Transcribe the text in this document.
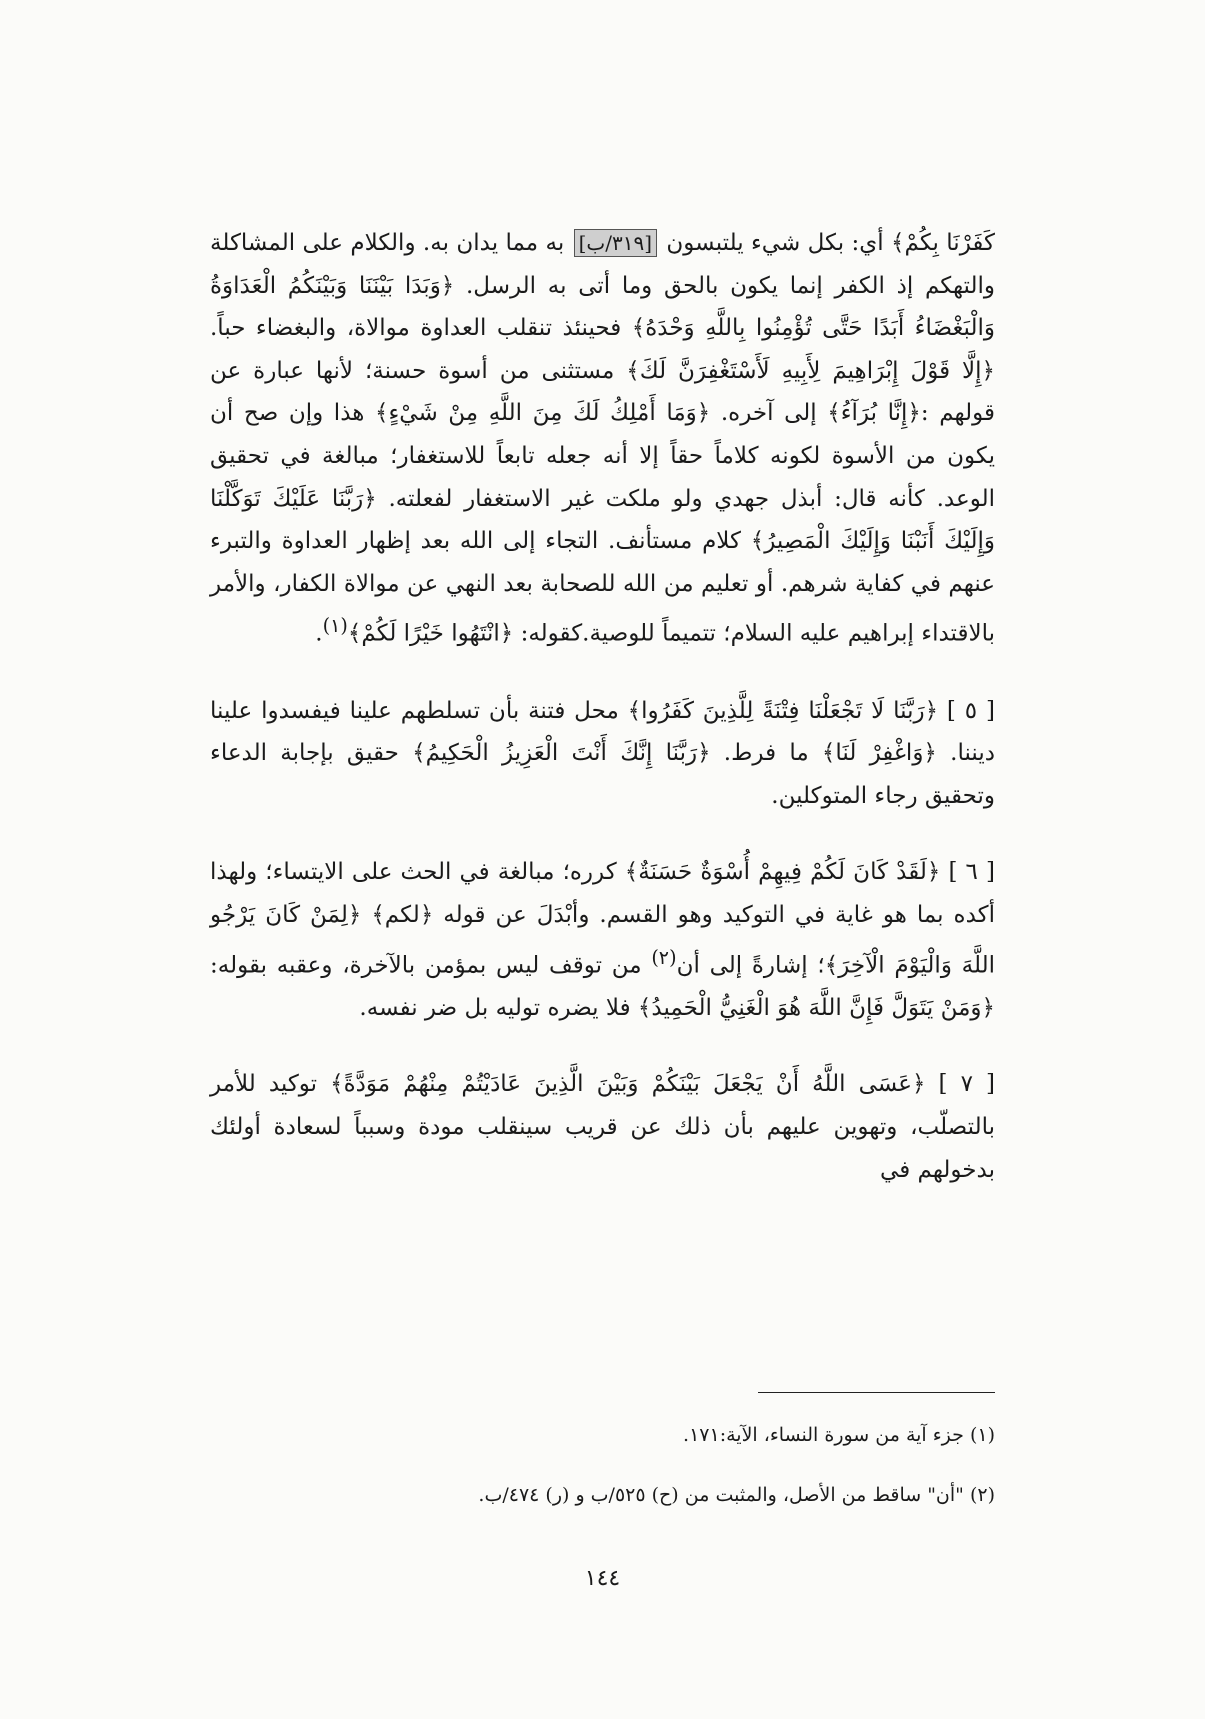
كَفَرْنَا بِكُمْ﴾ أي: بكل شيء يلتبسون [٣١٩/ب] به مما يدان به. والكلام على المشاكلة والتهكم إذ الكفر إنما يكون بالحق وما أتى به الرسل. ﴿وَبَدَا بَيْنَنَا وَبَيْنَكُمُ الْعَدَاوَةُ وَالْبَغْضَاءُ أَبَدًا حَتَّى تُؤْمِنُوا بِاللَّهِ وَحْدَهُ﴾ فحينئذ تنقلب العداوة موالاة، والبغضاء حباً. ﴿إِلَّا قَوْلَ إِبْرَاهِيمَ لِأَبِيهِ لَأَسْتَغْفِرَنَّ لَكَ﴾ مستثنى من أسوة حسنة؛ لأنها عبارة عن قولهم :﴿إِنَّا بُرَآءُ﴾ إلى آخره. ﴿وَمَا أَمْلِكُ لَكَ مِنَ اللَّهِ مِنْ شَيْءٍ﴾ هذا وإن صح أن يكون من الأسوة لكونه كلاماً حقاً إلا أنه جعله تابعاً للاستغفار؛ مبالغة في تحقيق الوعد. كأنه قال: أبذل جهدي ولو ملكت غير الاستغفار لفعلته. ﴿رَبَّنَا عَلَيْكَ تَوَكَّلْنَا وَإِلَيْكَ أَنَبْنَا وَإِلَيْكَ الْمَصِيرُ﴾ كلام مستأنف. التجاء إلى الله بعد إظهار العداوة والتبرء عنهم في كفاية شرهم. أو تعليم من الله للصحابة بعد النهي عن موالاة الكفار، والأمر بالاقتداء إبراهيم عليه السلام؛ تتميماً للوصية.كقوله: ﴿انْتَهُوا خَيْرًا لَكُمْ﴾$^{(١)}$.

[ ٥ ] ﴿رَبَّنَا لَا تَجْعَلْنَا فِتْنَةً لِلَّذِينَ كَفَرُوا﴾ محل فتنة بأن تسلطهم علينا فيفسدوا علينا ديننا. ﴿وَاغْفِرْ لَنَا﴾ ما فرط. ﴿رَبَّنَا إِنَّكَ أَنْتَ الْعَزِيزُ الْحَكِيمُ﴾ حقيق بإجابة الدعاء وتحقيق رجاء المتوكلين.

[ ٦ ] ﴿لَقَدْ كَانَ لَكُمْ فِيهِمْ أُسْوَةٌ حَسَنَةٌ﴾ كرره؛ مبالغة في الحث على الايتساء؛ ولهذا أكده بما هو غاية في التوكيد وهو القسم. وأبْدَلَ عن قوله ﴿لكم﴾ ﴿لِمَنْ كَانَ يَرْجُو اللَّهَ وَالْيَوْمَ الْآخِرَ﴾؛ إشارةً إلى أن$^{(٢)}$ من توقف ليس بمؤمن بالآخرة، وعقبه بقوله: ﴿وَمَنْ يَتَوَلَّ فَإِنَّ اللَّهَ هُوَ الْغَنِيُّ الْحَمِيدُ﴾ فلا يضره توليه بل ضر نفسه.

[ ٧ ] ﴿عَسَى اللَّهُ أَنْ يَجْعَلَ بَيْنَكُمْ وَبَيْنَ الَّذِينَ عَادَيْتُمْ مِنْهُمْ مَوَدَّةً﴾ توكيد للأمر بالتصلّب، وتهوين عليهم بأن ذلك عن قريب سينقلب مودة وسبباً لسعادة أولئك بدخولهم في

(١) جزء آية من سورة النساء، الآية:١٧١.

(٢) "أن" ساقط من الأصل، والمثبت من (ح) ٥٢٥/ب و (ر) ٤٧٤/ب.

١٤٤
